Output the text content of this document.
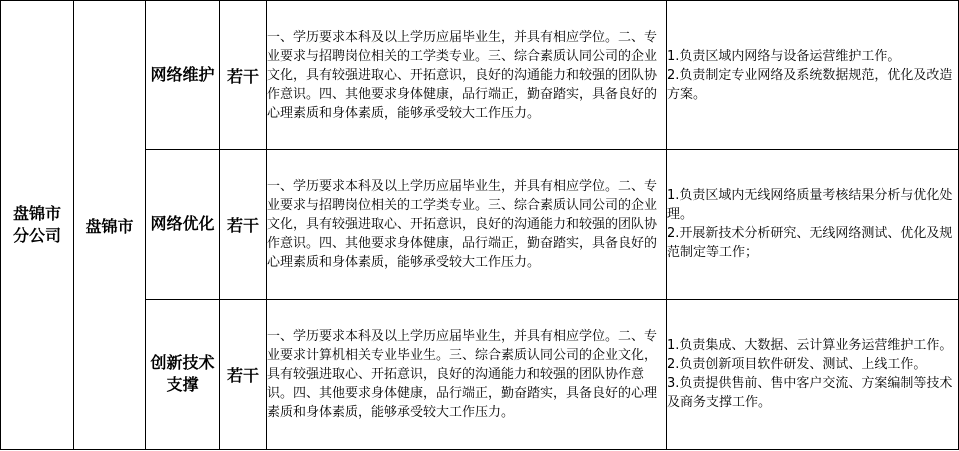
盘锦市分公司	盘锦市	网络维护	若干	一、学历要求本科及以上学历应届毕业生，并具有相应学位。二、专业要求与招聘岗位相关的工学类专业。三、综合素质认同公司的企业文化，具有较强进取心、开拓意识，良好的沟通能力和较强的团队协作意识。四、其他要求身体健康，品行端正，勤奋踏实，具备良好的心理素质和身体素质，能够承受较大工作压力。	1.负责区域内网络与设备运营维护工作。
2.负责制定专业网络及系统数据规范，优化及改造方案。

		网络优化	若干	一、学历要求本科及以上学历应届毕业生，并具有相应学位。二、专业要求与招聘岗位相关的工学类专业。三、综合素质认同公司的企业文化，具有较强进取心、开拓意识，良好的沟通能力和较强的团队协作意识。四、其他要求身体健康，品行端正，勤奋踏实，具备良好的心理素质和身体素质，能够承受较大工作压力。	1.负责区域内无线网络质量考核结果分析与优化处理。
2.开展新技术分析研究、无线网络测试、优化及规范制定等工作；

		创新技术支撑	若干	一、学历要求本科及以上学历应届毕业生，并具有相应学位。二、专业要求计算机相关专业毕业生。三、综合素质认同公司的企业文化，具有较强进取心、开拓意识，良好的沟通能力和较强的团队协作意识。四、其他要求身体健康，品行端正，勤奋踏实，具备良好的心理素质和身体素质，能够承受较大工作压力。	1.负责集成、大数据、云计算业务运营维护工作。
2.负责创新项目软件研发、测试、上线工作。
3.负责提供售前、售中客户交流、方案编制等技术及商务支撑工作。
